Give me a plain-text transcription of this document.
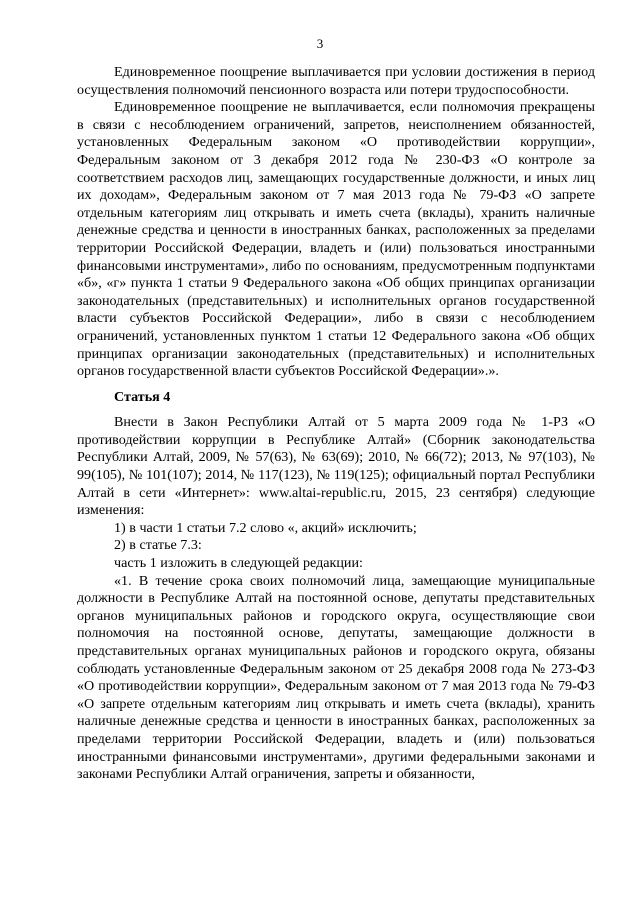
3

Единовременное поощрение выплачивается при условии достижения в период осуществления полномочий пенсионного возраста или потери трудоспособности.

Единовременное поощрение не выплачивается, если полномочия прекращены в связи с несоблюдением ограничений, запретов, неисполнением обязанностей, установленных Федеральным законом «О противодействии коррупции», Федеральным законом от 3 декабря 2012 года № 230-ФЗ «О контроле за соответствием расходов лиц, замещающих государственные должности, и иных лиц их доходам», Федеральным законом от 7 мая 2013 года № 79-ФЗ «О запрете отдельным категориям лиц открывать и иметь счета (вклады), хранить наличные денежные средства и ценности в иностранных банках, расположенных за пределами территории Российской Федерации, владеть и (или) пользоваться иностранными финансовыми инструментами», либо по основаниям, предусмотренным подпунктами «б», «г» пункта 1 статьи 9 Федерального закона «Об общих принципах организации законодательных (представительных) и исполнительных органов государственной власти субъектов Российской Федерации», либо в связи с несоблюдением ограничений, установленных пунктом 1 статьи 12 Федерального закона «Об общих принципах организации законодательных (представительных) и исполнительных органов государственной власти субъектов Российской Федерации».».

Статья 4

Внести в Закон Республики Алтай от 5 марта 2009 года № 1-РЗ «О противодействии коррупции в Республике Алтай» (Сборник законодательства Республики Алтай, 2009, № 57(63), № 63(69); 2010, № 66(72); 2013, № 97(103), № 99(105), № 101(107); 2014, № 117(123), № 119(125); официальный портал Республики Алтай в сети «Интернет»: www.altai-republic.ru, 2015, 23 сентября) следующие изменения:

1) в части 1 статьи 7.2 слово «, акций» исключить;

2) в статье 7.3:

часть 1 изложить в следующей редакции:

«1. В течение срока своих полномочий лица, замещающие муниципальные должности в Республике Алтай на постоянной основе, депутаты представительных органов муниципальных районов и городского округа, осуществляющие свои полномочия на постоянной основе, депутаты, замещающие должности в представительных органах муниципальных районов и городского округа, обязаны соблюдать установленные Федеральным законом от 25 декабря 2008 года № 273-ФЗ «О противодействии коррупции», Федеральным законом от 7 мая 2013 года № 79-ФЗ «О запрете отдельным категориям лиц открывать и иметь счета (вклады), хранить наличные денежные средства и ценности в иностранных банках, расположенных за пределами территории Российской Федерации, владеть и (или) пользоваться иностранными финансовыми инструментами», другими федеральными законами и законами Республики Алтай ограничения, запреты и обязанности,
